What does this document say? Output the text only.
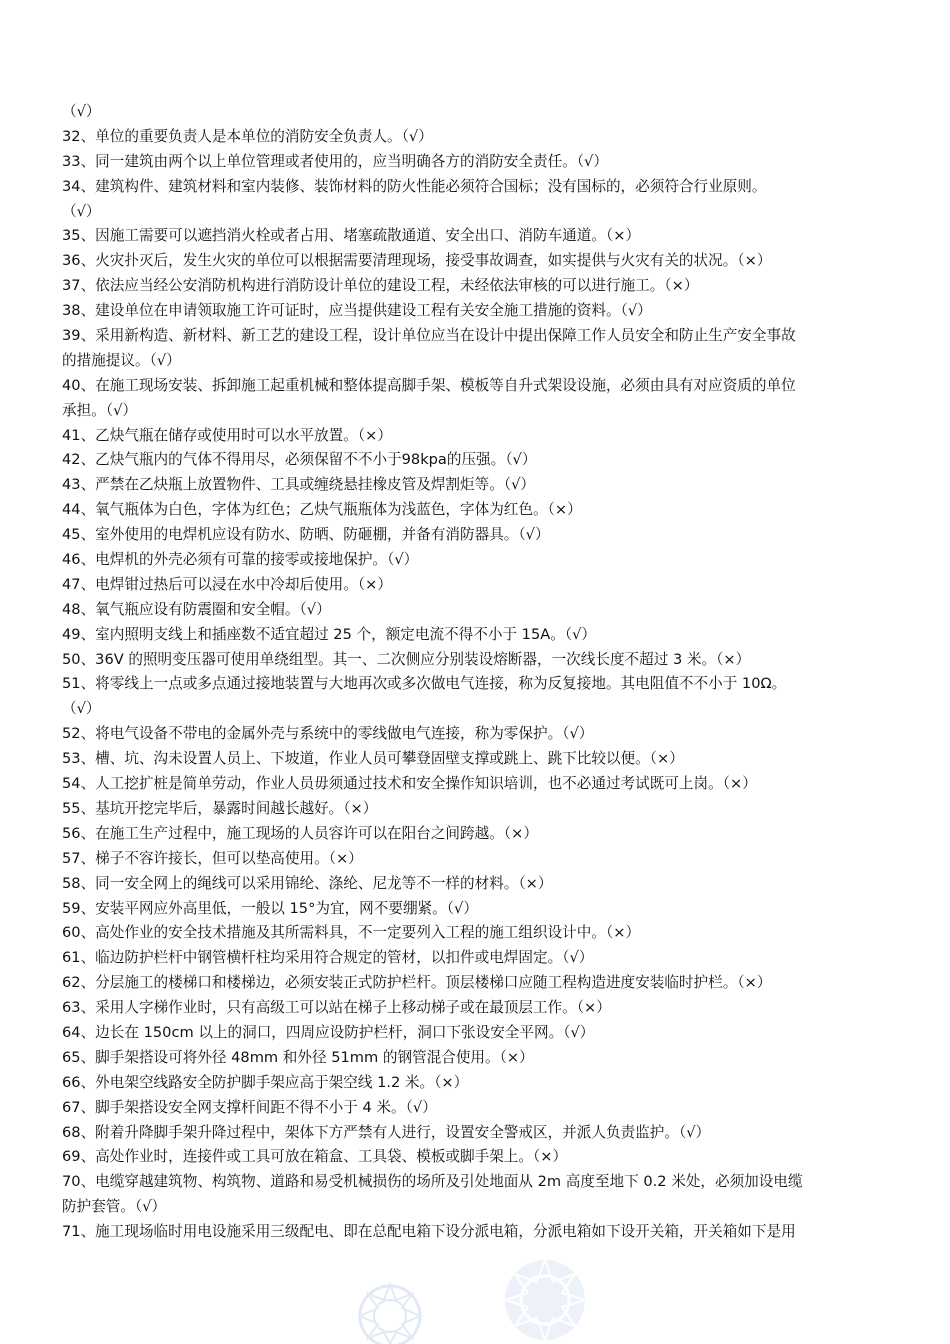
（√）
32、单位的重要负责人是本单位的消防安全负责人。（√）
33、同一建筑由两个以上单位管理或者使用的，应当明确各方的消防安全责任。（√）
34、建筑构件、建筑材料和室内装修、装饰材料的防火性能必须符合国标；没有国标的，必须符合行业原则。
（√）
35、因施工需要可以遮挡消火栓或者占用、堵塞疏散通道、安全出口、消防车通道。（×）
36、火灾扑灭后，发生火灾的单位可以根据需要清理现场，接受事故调查，如实提供与火灾有关的状况。（×）
37、依法应当经公安消防机构进行消防设计单位的建设工程，未经依法审核的可以进行施工。（×）
38、建设单位在申请领取施工许可证时，应当提供建设工程有关安全施工措施的资料。（√）
39、采用新构造、新材料、新工艺的建设工程，设计单位应当在设计中提出保障工作人员安全和防止生产安全事故
的措施提议。（√）
40、在施工现场安装、拆卸施工起重机械和整体提高脚手架、模板等自升式架设设施，必须由具有对应资质的单位
承担。（√）
41、乙炔气瓶在储存或使用时可以水平放置。（×）
42、乙炔气瓶内的气体不得用尽，必须保留不不小于98kpa的压强。（√）
43、严禁在乙炔瓶上放置物件、工具或缠绕悬挂橡皮管及焊割炬等。（√）
44、氧气瓶体为白色，字体为红色；乙炔气瓶瓶体为浅蓝色，字体为红色。（×）
45、室外使用的电焊机应设有防水、防晒、防砸棚，并备有消防器具。（√）
46、电焊机的外壳必须有可靠的接零或接地保护。（√）
47、电焊钳过热后可以浸在水中冷却后使用。（×）
48、氧气瓶应设有防震圈和安全帽。（√）
49、室内照明支线上和插座数不适宜超过 25 个，额定电流不得不小于 15A。（√）
50、36V 的照明变压器可使用单绕组型。其一、二次侧应分别装设熔断器，一次线长度不超过 3 米。（×）
51、将零线上一点或多点通过接地装置与大地再次或多次做电气连接，称为反复接地。其电阻值不不小于 10Ω。
（√）
52、将电气设备不带电的金属外壳与系统中的零线做电气连接，称为零保护。（√）
53、槽、坑、沟未设置人员上、下坡道，作业人员可攀登固壁支撑或跳上、跳下比较以便。（×）
54、人工挖扩桩是简单劳动，作业人员毋须通过技术和安全操作知识培训，也不必通过考试既可上岗。（×）
55、基坑开挖完毕后，暴露时间越长越好。（×）
56、在施工生产过程中，施工现场的人员容许可以在阳台之间跨越。（×）
57、梯子不容许接长，但可以垫高使用。（×）
58、同一安全网上的绳线可以采用锦纶、涤纶、尼龙等不一样的材料。（×）
59、安装平网应外高里低，一般以 15°为宜，网不要绷紧。（√）
60、高处作业的安全技术措施及其所需料具，不一定要列入工程的施工组织设计中。（×）
61、临边防护栏杆中钢管横杆柱均采用符合规定的管材，以扣件或电焊固定。（√）
62、分层施工的楼梯口和楼梯边，必须安装正式防护栏杆。顶层楼梯口应随工程构造进度安装临时护栏。（×）
63、采用人字梯作业时，只有高级工可以站在梯子上移动梯子或在最顶层工作。（×）
64、边长在 150cm 以上的洞口，四周应设防护栏杆，洞口下张设安全平网。（√）
65、脚手架搭设可将外径 48mm 和外径 51mm 的钢管混合使用。（×）
66、外电架空线路安全防护脚手架应高于架空线 1.2 米。（×）
67、脚手架搭设安全网支撑杆间距不得不小于 4 米。（√）
68、附着升降脚手架升降过程中，架体下方严禁有人进行，设置安全警戒区，并派人负责监护。（√）
69、高处作业时，连接件或工具可放在箱盒、工具袋、模板或脚手架上。（×）
70、电缆穿越建筑物、构筑物、道路和易受机械损伤的场所及引处地面从 2m 高度至地下 0.2 米处，必须加设电缆
防护套管。（√）
71、施工现场临时用电设施采用三级配电、即在总配电箱下设分派电箱，分派电箱如下设开关箱，开关箱如下是用
